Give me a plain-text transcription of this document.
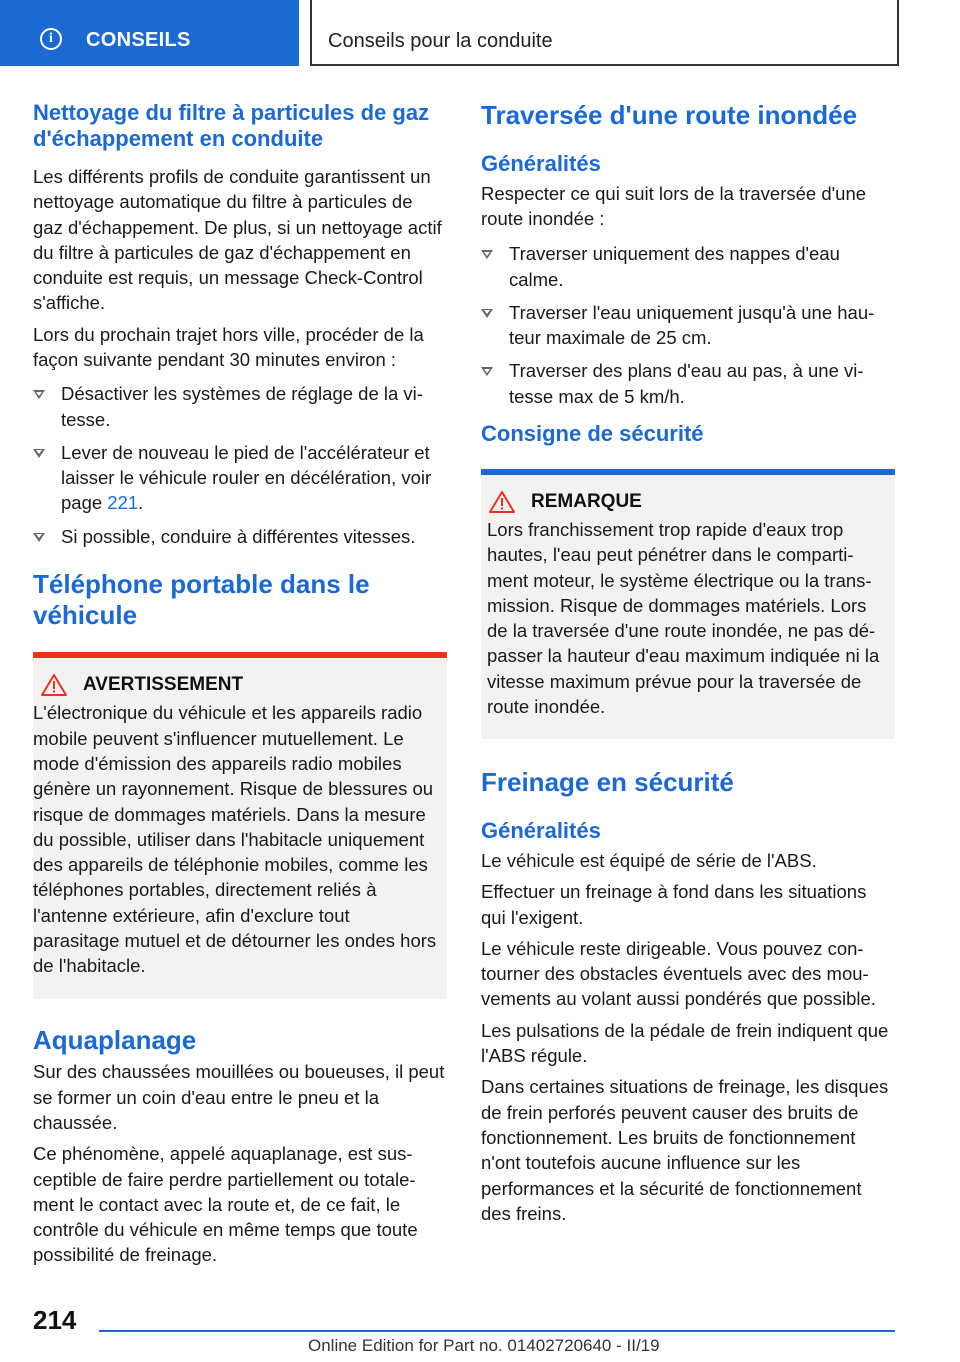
i	CONSEILS	Conseils pour la conduite
Nettoyage du filtre à particules de gaz d'échappement en conduite

Les différents profils de conduite garantissent un nettoyage automatique du filtre à particules de gaz d'échappement. De plus, si un nettoyage actif du filtre à particules de gaz d'échappement en conduite est requis, un message Check-Control s'affiche.

Lors du prochain trajet hors ville, procéder de la façon suivante pendant 30 minutes environ :

Désactiver les systèmes de réglage de la vitesse.
Lever de nouveau le pied de l'accélérateur et laisser le véhicule rouler en décélération, voir page 221.
Si possible, conduire à différentes vitesses.
Téléphone portable dans le véhicule
AVERTISSEMENT

L'électronique du véhicule et les appareils radio mobile peuvent s'influencer mutuellement. Le mode d'émission des appareils radio mobiles génère un rayonnement. Risque de blessures ou risque de dommages matériels. Dans la mesure du possible, utiliser dans l'habitacle uniquement des appareils de téléphonie mobiles, comme les téléphones portables, directement reliés à l'antenne extérieure, afin d'exclure tout parasitage mutuel et de détourner les ondes hors de l'habitacle.

Aquaplanage

Sur des chaussées mouillées ou boueuses, il peut se former un coin d'eau entre le pneu et la chaussée.

Ce phénomène, appelé aquaplanage, est susceptible de faire perdre partiellement ou totalement le contact avec la route et, de ce fait, le contrôle du véhicule en même temps que toute possibilité de freinage.

Traversée d'une route inondée
Généralités

Respecter ce qui suit lors de la traversée d'une route inondée :

Traverser uniquement des nappes d'eau calme.
Traverser l'eau uniquement jusqu'à une hauteur maximale de 25 cm.
Traverser des plans d'eau au pas, à une vitesse max de 5 km/h.
Consigne de sécurité
REMARQUE

Lors franchissement trop rapide d'eaux trop hautes, l'eau peut pénétrer dans le compartiment moteur, le système électrique ou la transmission. Risque de dommages matériels. Lors de la traversée d'une route inondée, ne pas dépasser la hauteur d'eau maximum indiquée ni la vitesse maximum prévue pour la traversée de route inondée.

Freinage en sécurité
Généralités

Le véhicule est équipé de série de l'ABS.

Effectuer un freinage à fond dans les situations qui l'exigent.

Le véhicule reste dirigeable. Vous pouvez contourner des obstacles éventuels avec des mouvements au volant aussi pondérés que possible.

Les pulsations de la pédale de frein indiquent que l'ABS régule.

Dans certaines situations de freinage, les disques de frein perforés peuvent causer des bruits de fonctionnement. Les bruits de fonctionnement n'ont toutefois aucune influence sur les performances et la sécurité de fonctionnement des freins.

214
Online Edition for Part no. 01402720640 - II/19
